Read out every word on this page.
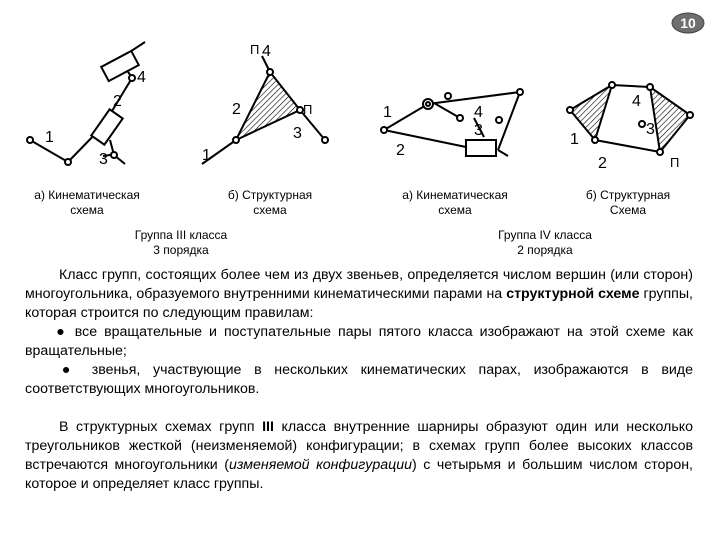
10
1
2
3
4
П 4
2	П
3
1
1	4
3
2
4
1
3
2	П
а) Кинематическая
схема
б) Структурная
схема
а) Кинематическая
схема
б) Структурная
Схема
Группа III класса
3 порядка
Группа IV класса
2 порядка

Класс групп, состоящих более чем из двух звеньев, определяется числом вершин (или сторон) многоугольника, образуемого внутренними кинематическими парами на структурной схеме группы, которая строится по следующим правилам:

● все вращательные и поступательные пары пятого класса изображают на этой схеме как вращательные;

● звенья, участвующие в нескольких кинематических парах, изображаются в виде соответствующих многоугольников.

В структурных схемах групп III класса внутренние шарниры образуют один или несколько треугольников жесткой (неизменяемой) конфигурации; в схемах групп более высоких классов встречаются многоугольники (изменяемой конфигурации) с четырьмя и большим числом сторон, которое и определяет класс группы.
